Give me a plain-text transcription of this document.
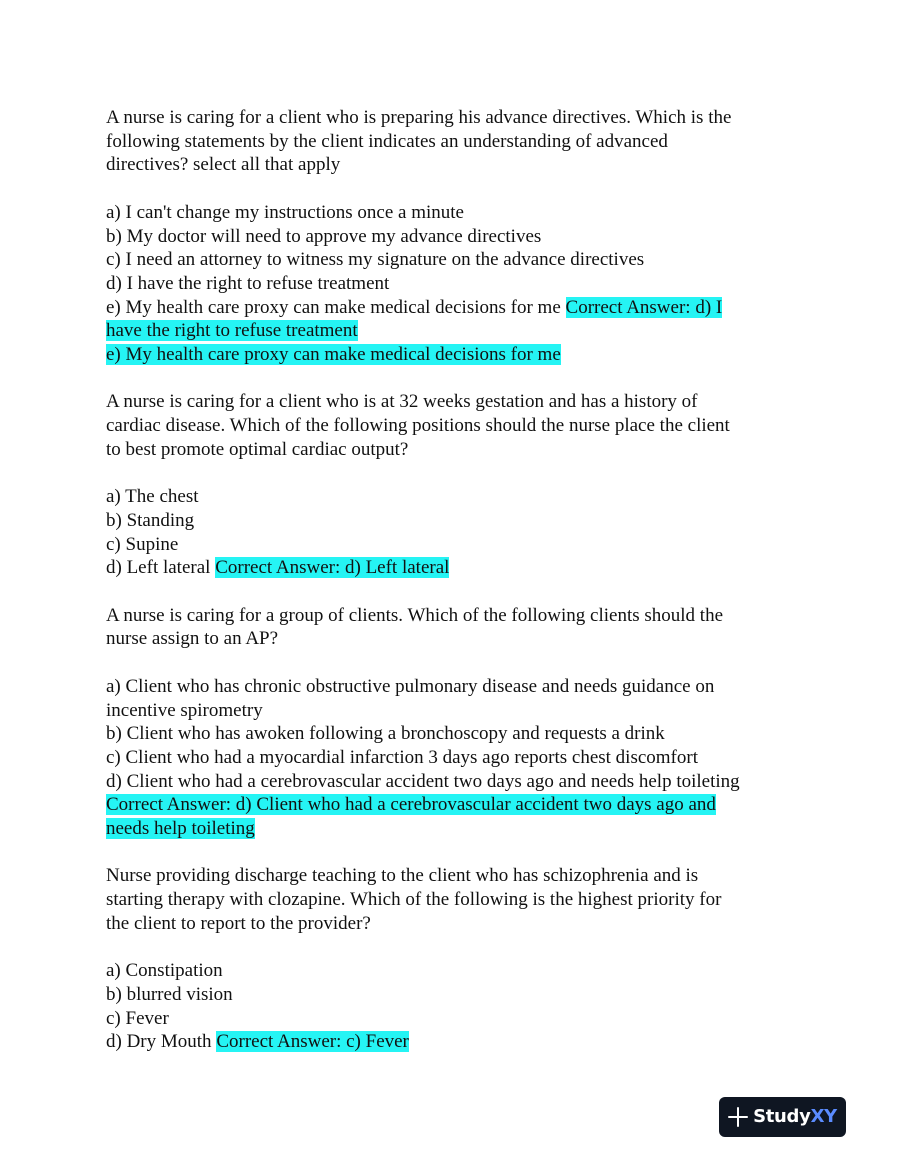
A nurse is caring for a client who is preparing his advance directives. Which is the
following statements by the client indicates an understanding of advanced
directives? select all that apply
a) I can't change my instructions once a minute
b) My doctor will need to approve my advance directives
c) I need an attorney to witness my signature on the advance directives
d) I have the right to refuse treatment
e) My health care proxy can make medical decisions for me Correct Answer: d) I
have the right to refuse treatment
e) My health care proxy can make medical decisions for me
A nurse is caring for a client who is at 32 weeks gestation and has a history of
cardiac disease. Which of the following positions should the nurse place the client
to best promote optimal cardiac output?
a) The chest
b) Standing
c) Supine
d) Left lateral Correct Answer: d) Left lateral
A nurse is caring for a group of clients. Which of the following clients should the
nurse assign to an AP?
a) Client who has chronic obstructive pulmonary disease and needs guidance on
incentive spirometry
b) Client who has awoken following a bronchoscopy and requests a drink
c) Client who had a myocardial infarction 3 days ago reports chest discomfort
d) Client who had a cerebrovascular accident two days ago and needs help toileting
Correct Answer: d) Client who had a cerebrovascular accident two days ago and
needs help toileting
Nurse providing discharge teaching to the client who has schizophrenia and is
starting therapy with clozapine. Which of the following is the highest priority for
the client to report to the provider?
a) Constipation
b) blurred vision
c) Fever
d) Dry Mouth Correct Answer: c) Fever
StudyXY
